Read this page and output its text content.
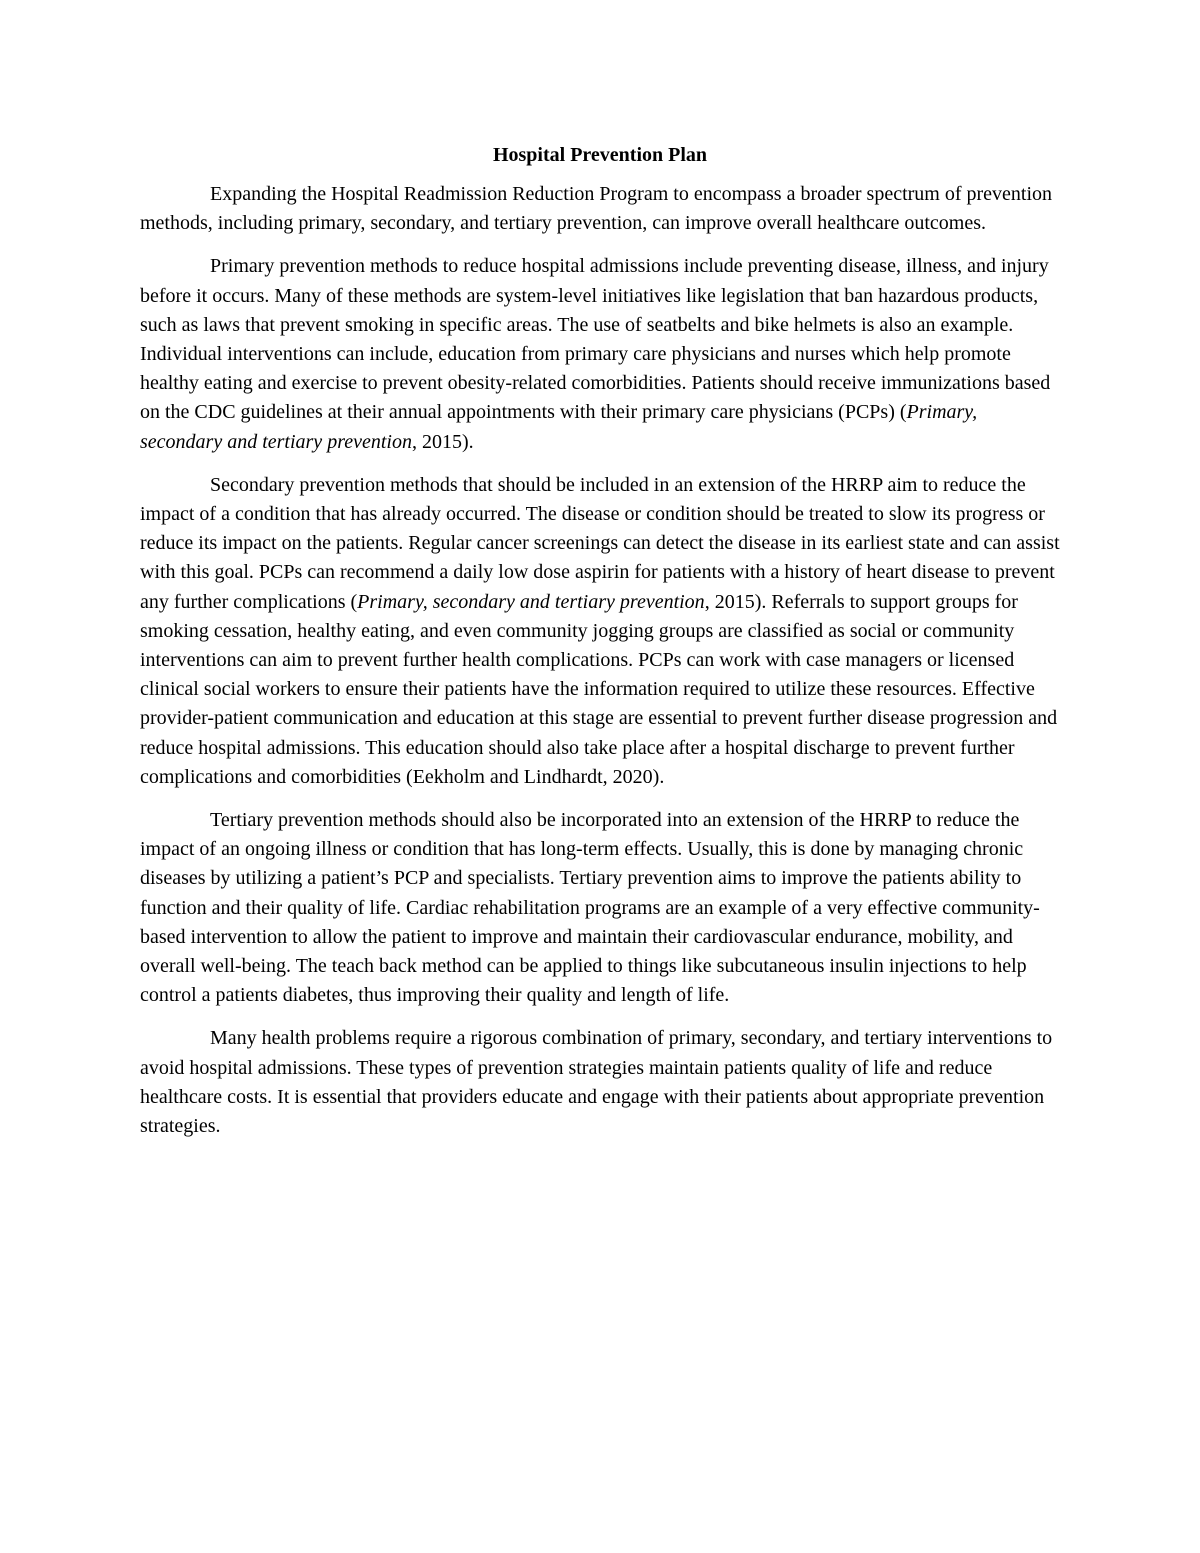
Hospital Prevention Plan

Expanding the Hospital Readmission Reduction Program to encompass a broader spectrum of prevention methods, including primary, secondary, and tertiary prevention, can improve overall healthcare outcomes.

Primary prevention methods to reduce hospital admissions include preventing disease, illness, and injury before it occurs. Many of these methods are system-level initiatives like legislation that ban hazardous products, such as laws that prevent smoking in specific areas. The use of seatbelts and bike helmets is also an example. Individual interventions can include, education from primary care physicians and nurses which help promote healthy eating and exercise to prevent obesity-related comorbidities. Patients should receive immunizations based on the CDC guidelines at their annual appointments with their primary care physicians (PCPs) (Primary, secondary and tertiary prevention, 2015).

Secondary prevention methods that should be included in an extension of the HRRP aim to reduce the impact of a condition that has already occurred. The disease or condition should be treated to slow its progress or reduce its impact on the patients. Regular cancer screenings can detect the disease in its earliest state and can assist with this goal. PCPs can recommend a daily low dose aspirin for patients with a history of heart disease to prevent any further complications (Primary, secondary and tertiary prevention, 2015). Referrals to support groups for smoking cessation, healthy eating, and even community jogging groups are classified as social or community interventions can aim to prevent further health complications. PCPs can work with case managers or licensed clinical social workers to ensure their patients have the information required to utilize these resources. Effective provider-patient communication and education at this stage are essential to prevent further disease progression and reduce hospital admissions. This education should also take place after a hospital discharge to prevent further complications and comorbidities (Eekholm and Lindhardt, 2020).

Tertiary prevention methods should also be incorporated into an extension of the HRRP to reduce the impact of an ongoing illness or condition that has long-term effects. Usually, this is done by managing chronic diseases by utilizing a patient’s PCP and specialists. Tertiary prevention aims to improve the patients ability to function and their quality of life. Cardiac rehabilitation programs are an example of a very effective community-based intervention to allow the patient to improve and maintain their cardiovascular endurance, mobility, and overall well-being. The teach back method can be applied to things like subcutaneous insulin injections to help control a patients diabetes, thus improving their quality and length of life.

Many health problems require a rigorous combination of primary, secondary, and tertiary interventions to avoid hospital admissions. These types of prevention strategies maintain patients quality of life and reduce healthcare costs. It is essential that providers educate and engage with their patients about appropriate prevention strategies.
